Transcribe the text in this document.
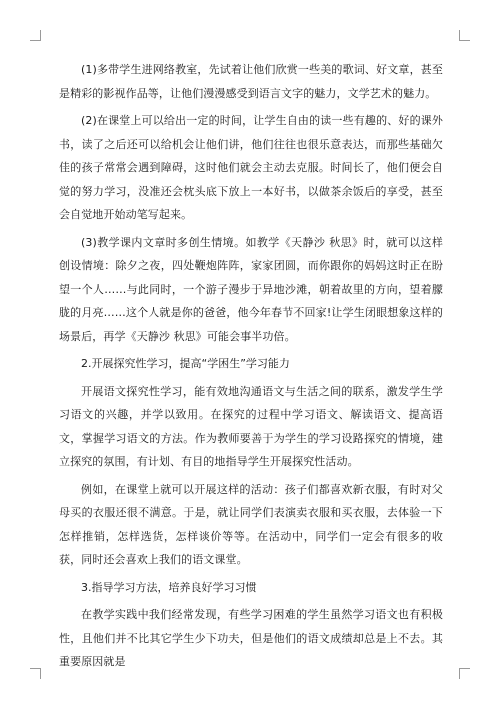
(1)多带学生进网络教室，先试着让他们欣赏一些美的歌词、好文章，甚至是精彩的影视作品等，让他们漫漫感受到语言文字的魅力，文学艺术的魅力。

(2)在课堂上可以给出一定的时间，让学生自由的读一些有趣的、好的课外书，读了之后还可以给机会让他们讲，他们往往也很乐意表达，而那些基础欠佳的孩子常常会遇到障碍，这时他们就会主动去克服。时间长了，他们便会自觉的努力学习，没准还会枕头底下放上一本好书，以做茶余饭后的享受，甚至会自觉地开始动笔写起来。

(3)教学课内文章时多创生情境。如教学《天静沙 秋思》时，就可以这样创设情境：除夕之夜，四处鞭炮阵阵，家家团圆，而你跟你的妈妈这时正在盼望一个人……与此同时，一个游子漫步于异地沙滩，朝着故里的方向，望着朦胧的月亮……这个人就是你的爸爸，他今年春节不回家!让学生闭眼想象这样的场景后，再学《天静沙 秋思》可能会事半功倍。

2.开展探究性学习，提高“学困生”学习能力

开展语文探究性学习，能有效地沟通语文与生活之间的联系，激发学生学习语文的兴趣，并学以致用。在探究的过程中学习语文、解读语文、提高语文，掌握学习语文的方法。作为教师要善于为学生的学习设路探究的情境，建立探究的氛围，有计划、有目的地指导学生开展探究性活动。

例如，在课堂上就可以开展这样的活动：孩子们都喜欢新衣服，有时对父母买的衣服还很不满意。于是，就让同学们表演卖衣服和买衣服，去体验一下怎样推销，怎样选货，怎样谈价等等。在活动中，同学们一定会有很多的收获，同时还会喜欢上我们的语文课堂。

3.指导学习方法，培养良好学习习惯

在教学实践中我们经常发现，有些学习困难的学生虽然学习语文也有积极性，且他们并不比其它学生少下功夫，但是他们的语文成绩却总是上不去。其重要原因就是
